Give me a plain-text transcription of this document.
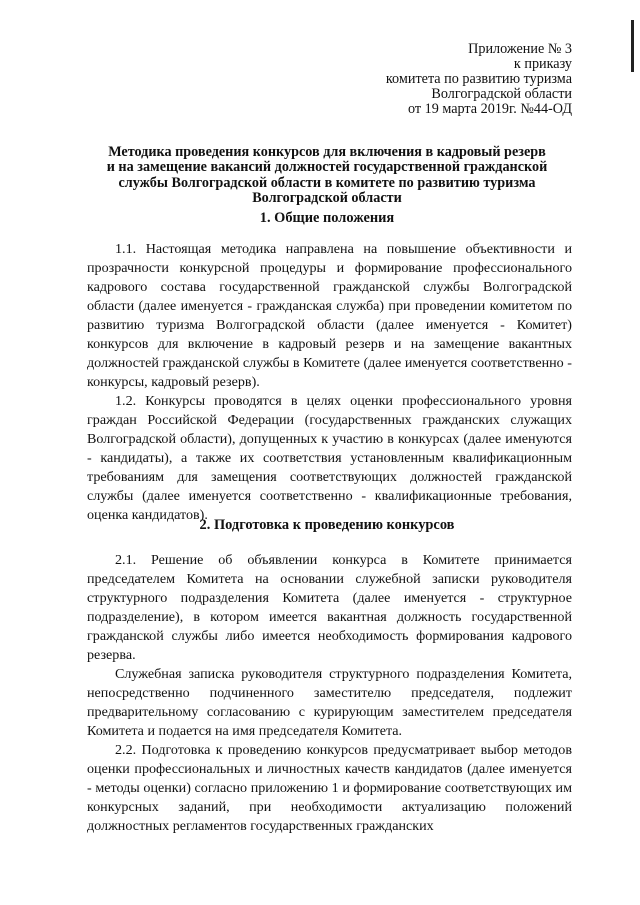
Приложение № 3
к приказу
комитета по развитию туризма
Волгоградской области
от 19 марта 2019г. №44-ОД
Методика проведения конкурсов для включения в кадровый резерв
и на замещение вакансий должностей государственной гражданской
службы Волгоградской области в комитете по развитию туризма
Волгоградской области
1. Общие положения

1.1. Настоящая методика направлена на повышение объективности и прозрачности конкурсной процедуры и формирование профессионального кадрового состава государственной гражданской службы Волгоградской области (далее именуется - гражданская служба) при проведении комитетом по развитию туризма Волгоградской области (далее именуется - Комитет) конкурсов для включение в кадровый резерв и на замещение вакантных должностей гражданской службы в Комитете (далее именуется соответственно - конкурсы, кадровый резерв).

1.2. Конкурсы проводятся в целях оценки профессионального уровня граждан Российской Федерации (государственных гражданских служащих Волгоградской области), допущенных к участию в конкурсах (далее именуются - кандидаты), а также их соответствия установленным квалификационным требованиям для замещения соответствующих должностей гражданской службы (далее именуется соответственно - квалификационные требования, оценка кандидатов).

2. Подготовка к проведению конкурсов

2.1. Решение об объявлении конкурса в Комитете принимается председателем Комитета на основании служебной записки руководителя структурного подразделения Комитета (далее именуется - структурное подразделение), в котором имеется вакантная должность государственной гражданской службы либо имеется необходимость формирования кадрового резерва.

Служебная записка руководителя структурного подразделения Комитета, непосредственно подчиненного заместителю председателя, подлежит предварительному согласованию с курирующим заместителем председателя Комитета и подается на имя председателя Комитета.

2.2. Подготовка к проведению конкурсов предусматривает выбор методов оценки профессиональных и личностных качеств кандидатов (далее именуется - методы оценки) согласно приложению 1 и формирование соответствующих им конкурсных заданий, при необходимости актуализацию положений должностных регламентов государственных гражданских
